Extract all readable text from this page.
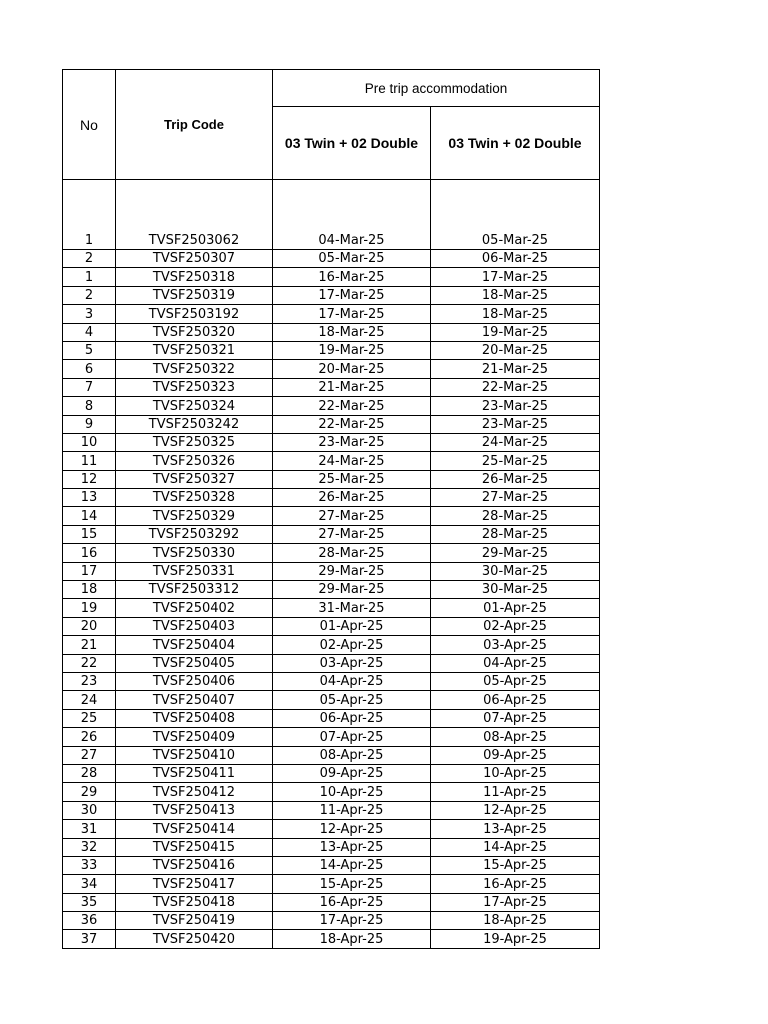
No	Trip Code	Pre trip accommodation	
		03 Twin + 02 Double	03 Twin + 02 Double
1	TVSF2503062	04-Mar-25	05-Mar-25
2	TVSF250307	05-Mar-25	06-Mar-25
1	TVSF250318	16-Mar-25	17-Mar-25
2	TVSF250319	17-Mar-25	18-Mar-25
3	TVSF2503192	17-Mar-25	18-Mar-25
4	TVSF250320	18-Mar-25	19-Mar-25
5	TVSF250321	19-Mar-25	20-Mar-25
6	TVSF250322	20-Mar-25	21-Mar-25
7	TVSF250323	21-Mar-25	22-Mar-25
8	TVSF250324	22-Mar-25	23-Mar-25
9	TVSF2503242	22-Mar-25	23-Mar-25
10	TVSF250325	23-Mar-25	24-Mar-25
11	TVSF250326	24-Mar-25	25-Mar-25
12	TVSF250327	25-Mar-25	26-Mar-25
13	TVSF250328	26-Mar-25	27-Mar-25
14	TVSF250329	27-Mar-25	28-Mar-25
15	TVSF2503292	27-Mar-25	28-Mar-25
16	TVSF250330	28-Mar-25	29-Mar-25
17	TVSF250331	29-Mar-25	30-Mar-25
18	TVSF2503312	29-Mar-25	30-Mar-25
19	TVSF250402	31-Mar-25	01-Apr-25
20	TVSF250403	01-Apr-25	02-Apr-25
21	TVSF250404	02-Apr-25	03-Apr-25
22	TVSF250405	03-Apr-25	04-Apr-25
23	TVSF250406	04-Apr-25	05-Apr-25
24	TVSF250407	05-Apr-25	06-Apr-25
25	TVSF250408	06-Apr-25	07-Apr-25
26	TVSF250409	07-Apr-25	08-Apr-25
27	TVSF250410	08-Apr-25	09-Apr-25
28	TVSF250411	09-Apr-25	10-Apr-25
29	TVSF250412	10-Apr-25	11-Apr-25
30	TVSF250413	11-Apr-25	12-Apr-25
31	TVSF250414	12-Apr-25	13-Apr-25
32	TVSF250415	13-Apr-25	14-Apr-25
33	TVSF250416	14-Apr-25	15-Apr-25
34	TVSF250417	15-Apr-25	16-Apr-25
35	TVSF250418	16-Apr-25	17-Apr-25
36	TVSF250419	17-Apr-25	18-Apr-25
37	TVSF250420	18-Apr-25	19-Apr-25
